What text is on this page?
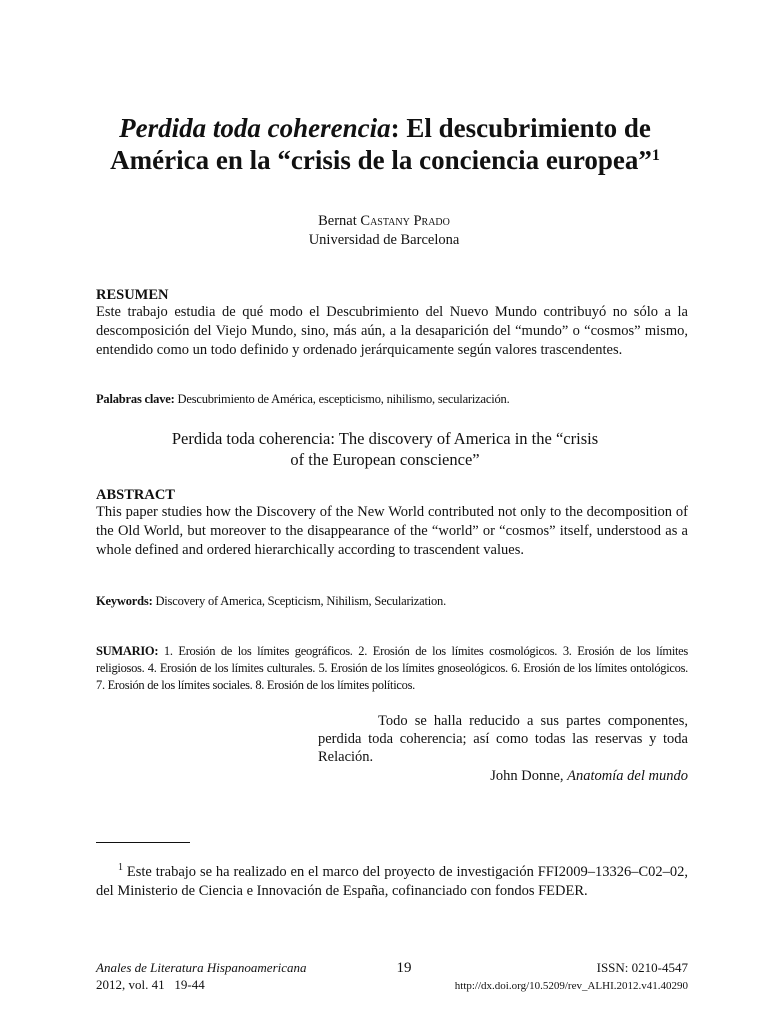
Perdida toda coherencia: El descubrimiento de
América en la “crisis de la conciencia europea”$^1$
Bernat Castany Prado
Universidad de Barcelona
RESUMEN
Este trabajo estudia de qué modo el Descubrimiento del Nuevo Mundo contribuyó no sólo a la descomposición del Viejo Mundo, sino, más aún, a la desaparición del “mundo” o “cosmos” mismo, entendido como un todo definido y ordenado jerárquicamente según valores trascendentes.
Palabras clave: Descubrimiento de América, escepticismo, nihilismo, secularización.
Perdida toda coherencia: The discovery of America in the “crisis
of the European conscience”
ABSTRACT
This paper studies how the Discovery of the New World contributed not only to the decomposition of the Old World, but moreover to the disappearance of the “world” or “cosmos” itself, understood as a whole defined and ordered hierarchically according to trascendent values.
Keywords: Discovery of America, Scepticism, Nihilism, Secularization.
SUMARIO: 1. Erosión de los límites geográficos. 2. Erosión de los límites cosmológicos. 3. Erosión de los límites religiosos. 4. Erosión de los límites culturales. 5. Erosión de los límites gnoseológicos. 6. Erosión de los límites ontológicos. 7. Erosión de los límites sociales. 8. Erosión de los límites políticos.
Todo se halla reducido a sus partes componentes, perdida toda coherencia; así como todas las reservas y toda Relación.
John Donne, Anatomía del mundo
$^1$ Este trabajo se ha realizado en el marco del proyecto de investigación FFI2009–13326–C02–02, del Ministerio de Ciencia e Innovación de España, cofinanciado con fondos FEDER.
Anales de Literatura Hispanoamericana
2012, vol. 41   19-44
19	ISSN: 0210-4547
http://dx.doi.org/10.5209/rev_ALHI.2012.v41.40290
